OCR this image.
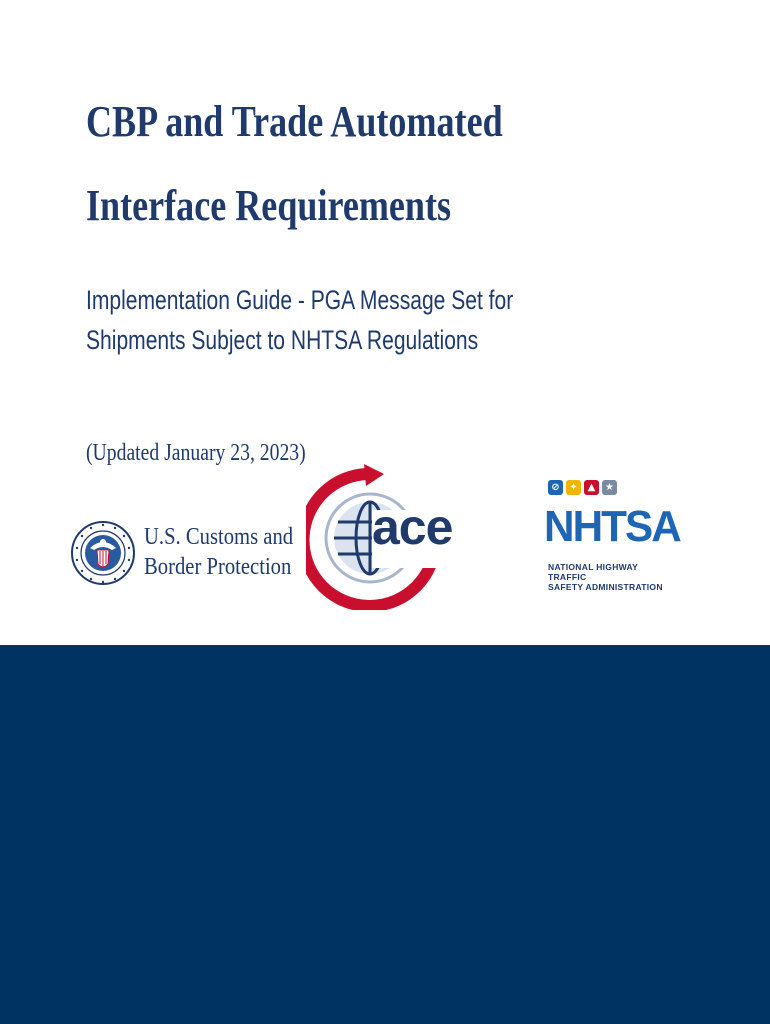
CBP and Trade Automated
Interface Requirements
Implementation Guide - PGA Message Set for
Shipments Subject to NHTSA Regulations
(Updated January 23, 2023)
U.S. Customs and
Border Protection
ace
⊘ ✦ ▲ ★
NHTSA
NATIONAL HIGHWAY TRAFFIC
SAFETY ADMINISTRATION
